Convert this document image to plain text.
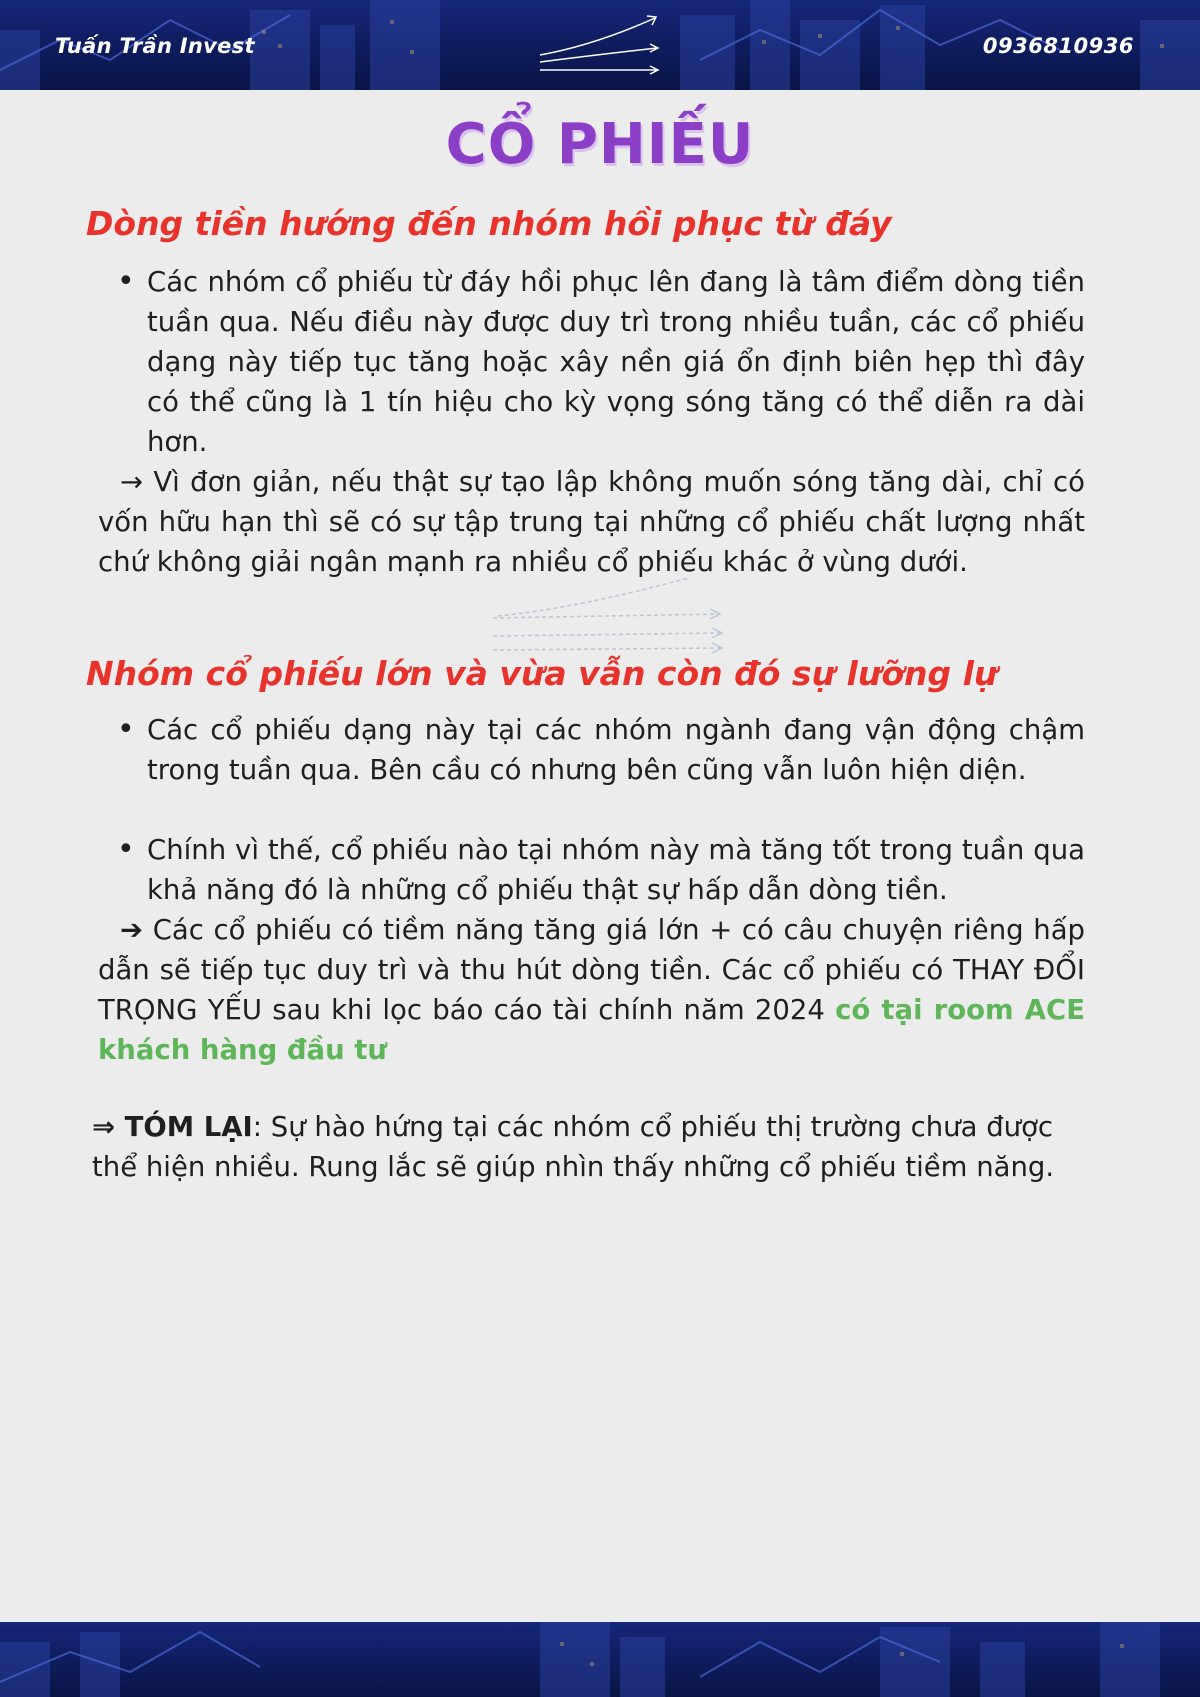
Tuấn Trần Invest	0936810936
CỔ PHIẾU
Dòng tiền hướng đến nhóm hồi phục từ đáy
• Các nhóm cổ phiếu từ đáy hồi phục lên đang là tâm điểm dòng tiền tuần qua. Nếu điều này được duy trì trong nhiều tuần, các cổ phiếu dạng này tiếp tục tăng hoặc xây nền giá ổn định biên hẹp thì đây có thể cũng là 1 tín hiệu cho kỳ vọng sóng tăng có thể diễn ra dài hơn.
→ Vì đơn giản, nếu thật sự tạo lập không muốn sóng tăng dài, chỉ có vốn hữu hạn thì sẽ có sự tập trung tại những cổ phiếu chất lượng nhất chứ không giải ngân mạnh ra nhiều cổ phiếu khác ở vùng dưới.
Nhóm cổ phiếu lớn và vừa vẫn còn đó sự lưỡng lự
• Các cổ phiếu dạng này tại các nhóm ngành đang vận động chậm trong tuần qua. Bên cầu có nhưng bên cũng vẫn luôn hiện diện.
• Chính vì thế, cổ phiếu nào tại nhóm này mà tăng tốt trong tuần qua khả năng đó là những cổ phiếu thật sự hấp dẫn dòng tiền.
➔ Các cổ phiếu có tiềm năng tăng giá lớn + có câu chuyện riêng hấp dẫn sẽ tiếp tục duy trì và thu hút dòng tiền. Các cổ phiếu có THAY ĐỔI TRỌNG YẾU sau khi lọc báo cáo tài chính năm 2024 có tại room ACE khách hàng đầu tư
⇒ TÓM LẠI: Sự hào hứng tại các nhóm cổ phiếu thị trường chưa được thể hiện nhiều. Rung lắc sẽ giúp nhìn thấy những cổ phiếu tiềm năng.
